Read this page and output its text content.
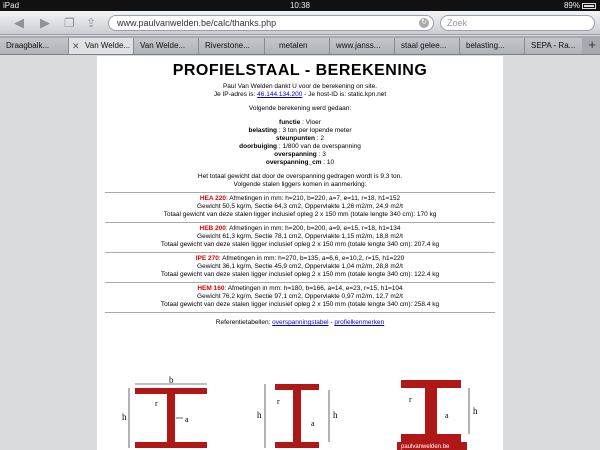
iPad	10:38	89%
◀ ▶ ❐ ⇪	www.paulvanwelden.be/calc/thanks.php	↻	Zoek
Draagbalk...	✕ Van Welde...	Van Welde...	Riverstone...	metalen	www.janss...	staal gelee...	belasting...	SEPA - Ra...	+
PROFIELSTAAL - BEREKENING
Paul Van Welden dankt U voor de berekening on site.
Je IP-adres is: 46.144.134.200 - Je host-ID is: static.kpn.net
Volgende berekening werd gedaan:
functie : Vloer
belasting : 3 ton per lopende meter
steunpunten : 2
doorbuiging : 1/800 van de overspanning
overspanning : 3
overspanning_cm : 10
Het totaal gewicht dat door de overspanning gedragen wordt is 9.3 ton.
Volgende stalen liggers komen in aanmerking:
HEA 220: Afmetingen in mm: h=210, b=220, a=7, e=11, r=18, h1=152
Gewicht 50,5 kg/m, Sectie 64,3 cm2, Oppervlakte 1,26 m2/m, 24,9 m2/t
Totaal gewicht van deze stalen ligger inclusief opleg 2 x 150 mm (totale lengte 340 cm): 170 kg
HEB 200: Afmetingen in mm: h=200, b=200, a=9, e=15, r=18, h1=134
Gewicht 61,3 kg/m, Sectie 78,1 cm2, Oppervlakte 1,15 m2/m, 18,8 m2/t
Totaal gewicht van deze stalen ligger inclusief opleg 2 x 150 mm (totale lengte 340 cm): 207.4 kg
IPE 270: Afmetingen in mm: h=270, b=135, a=6,6, e=10,2, r=15, h1=220
Gewicht 36,1 kg/m, Sectie 45,9 cm2, Oppervlakte 1,04 m2/m, 28,8 m2/t
Totaal gewicht van deze stalen ligger inclusief opleg 2 x 150 mm (totale lengte 340 cm): 122.4 kg
HEM 160: Afmetingen in mm: h=180, b=166, a=14, e=23, r=15, h1=104
Gewicht 76,2 kg/m, Sectie 97,1 cm2, Oppervlakte 0,97 m2/m, 12,7 m2/t
Totaal gewicht van deze stalen ligger inclusief opleg 2 x 150 mm (totale lengte 340 cm): 258.4 kg
Referentietabellen: overspanningstabel - profielkenmerken
b
h
r
a	h	h
r
a
h
r
a
paulvanwelden.be
